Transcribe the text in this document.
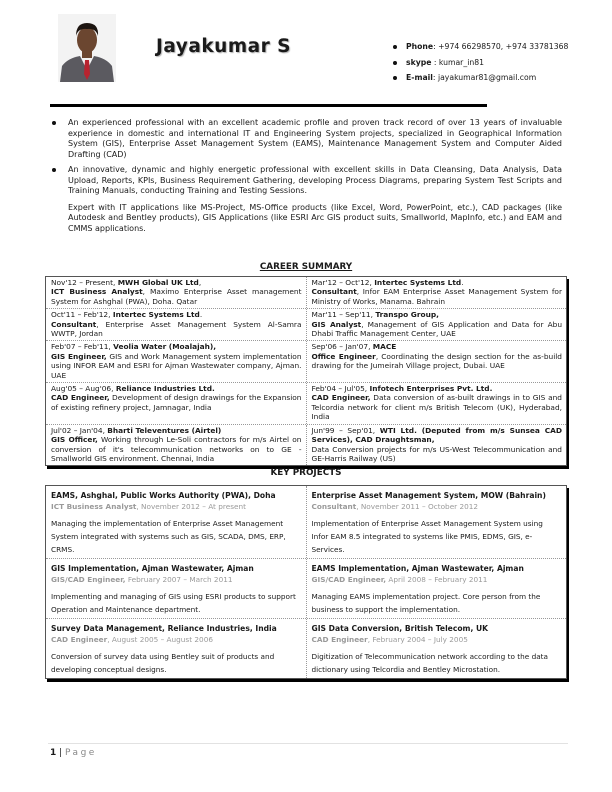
Jayakumar S	Phone: +974 66298570, +974 33781368
skype : kumar_in81
E-mail: jayakumar81@gmail.com
An experienced professional with an excellent academic profile and proven track record of over 13 years of invaluable experience in domestic and international IT and Engineering System projects, specialized in Geographical Information System (GIS), Enterprise Asset Management System (EAMS), Maintenance Management System and Computer Aided Drafting (CAD)
An innovative, dynamic and highly energetic professional with excellent skills in Data Cleansing, Data Analysis, Data Upload, Reports, KPIs, Business Requirement Gathering, developing Process Diagrams, preparing System Test Scripts and Training Manuals, conducting Training and Testing Sessions.
Expert with IT applications like MS-Project, MS-Office products (like Excel, Word, PowerPoint, etc.), CAD packages (like Autodesk and Bentley products), GIS Applications (like ESRI Arc GIS product suits, Smallworld, MapInfo, etc.) and EAM and CMMS applications.
CAREER SUMMARY
Nov'12 – Present, MWH Global UK Ltd,
ICT Business Analyst, Maximo Enterprise Asset management System for Ashghal (PWA), Doha. Qatar
Mar'12 – Oct'12, Intertec Systems Ltd.
Consultant, Infor EAM Enterprise Asset Management System for Ministry of Works, Manama. Bahrain
Oct'11 – Feb'12, Intertec Systems Ltd.
Consultant, Enterprise Asset Management System Al-Samra WWTP, Jordan
Mar'11 – Sep'11, Transpo Group,
GIS Analyst, Management of GIS Application and Data for Abu Dhabi Traffic Management Center, UAE
Feb'07 – Feb'11, Veolia Water (Moalajah),
GIS Engineer, GIS and Work Management system implementation using INFOR EAM and ESRI for Ajman Wastewater company, Ajman. UAE
Sep'06 – Jan'07, MACE
Office Engineer, Coordinating the design section for the as-build drawing for the Jumeirah Village project, Dubai. UAE
Aug'05 – Aug'06, Reliance Industries Ltd.
CAD Engineer, Development of design drawings for the Expansion of existing refinery project, Jamnagar, India
Feb'04 – Jul'05, Infotech Enterprises Pvt. Ltd.
CAD Engineer, Data conversion of as-built drawings in to GIS and Telcordia network for client m/s British Telecom (UK), Hyderabad, India
Jul'02 – Jan'04, Bharti Televentures (Airtel)
GIS Officer, Working through Le-Soli contractors for m/s Airtel on conversion of it's telecommunication networks on to GE - Smallworld GIS environment. Chennai, India
Jun'99 – Sep'01, WTI Ltd. (Deputed from m/s Sunsea CAD Services), CAD Draughtsman,
Data Conversion projects for m/s US-West Telecommunication and GE-Harris Railway (US)
KEY PROJECTS
EAMS, Ashghal, Public Works Authority (PWA), Doha
ICT Business Analyst, November 2012 – At present
Managing the implementation of Enterprise Asset Management System integrated with systems such as GIS, SCADA, DMS, ERP, CRMS.
Enterprise Asset Management System, MOW (Bahrain)
Consultant, November 2011 – October 2012
Implementation of Enterprise Asset Management System using Infor EAM 8.5 integrated to systems like PMIS, EDMS, GIS, e-Services.
GIS Implementation, Ajman Wastewater, Ajman
GIS/CAD Engineer, February 2007 – March 2011
Implementing and managing of GIS using ESRI products to support Operation and Maintenance department.
EAMS Implementation, Ajman Wastewater, Ajman
GIS/CAD Engineer, April 2008 – February 2011
Managing EAMS implementation project. Core person from the business to support the implementation.
Survey Data Management, Reliance Industries, India
CAD Engineer, August 2005 – August 2006
Conversion of survey data using Bentley suit of products and developing conceptual designs.
GIS Data Conversion, British Telecom, UK
CAD Engineer, February 2004 – July 2005
Digitization of Telecommunication network according to the data dictionary using Telcordia and Bentley Microstation.
1 | Page
